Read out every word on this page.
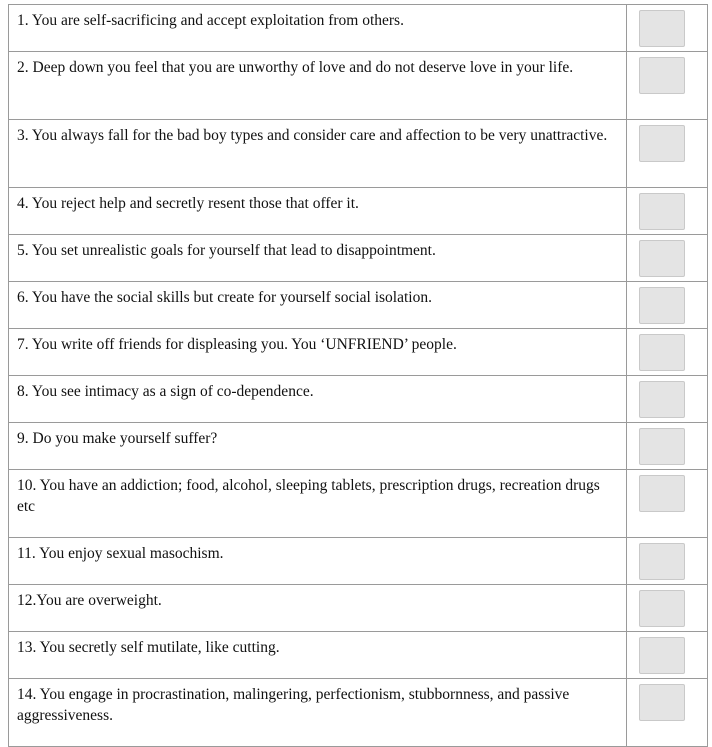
1. You are self-sacrificing and accept exploitation from others.	

2. Deep down you feel that you are unworthy of love and do not deserve love in your life.	

3. You always fall for the bad boy types and consider care and affection to be very unattractive.	

4. You reject help and secretly resent those that offer it.	

5. You set unrealistic goals for yourself that lead to disappointment.	

6. You have the social skills but create for yourself social isolation.	

7. You write off friends for displeasing you. You ‘UNFRIEND’ people.	

8. You see intimacy as a sign of co-dependence.	

9. Do you make yourself suffer?	

10. You have an addiction; food, alcohol, sleeping tablets, prescription drugs, recreation drugs etc	

11. You enjoy sexual masochism.	

12.You are overweight.	

13. You secretly self mutilate, like cutting.	

14. You engage in procrastination, malingering, perfectionism, stubbornness, and passive aggressiveness.	
